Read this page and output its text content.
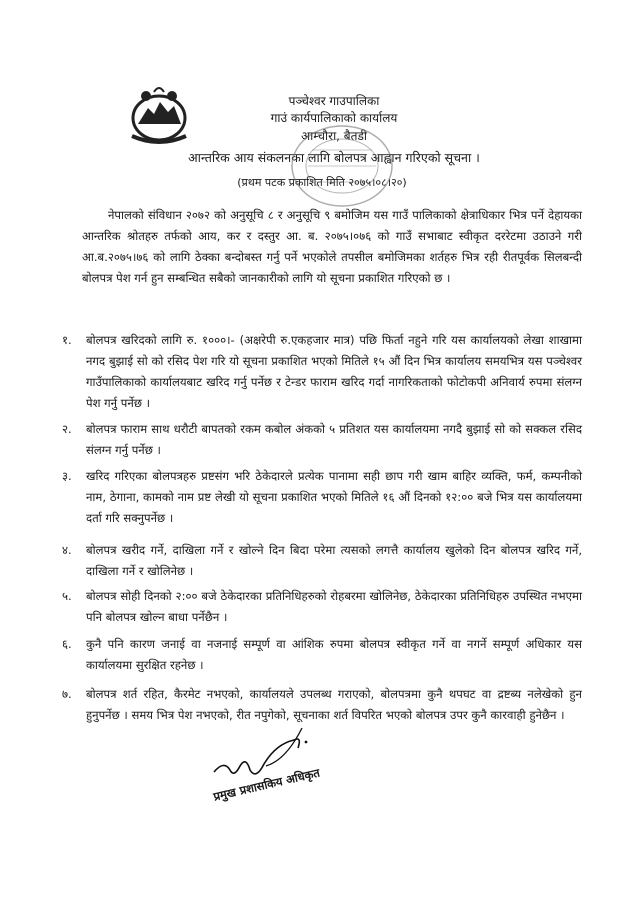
पञ्चेश्वर गाउपालिका
गाउं कार्यपालिकाको कार्यालय
आम्चौरा, बैतडी
आन्तरिक आय संकलनका लागि बोलपत्र आह्वान गरिएको सूचना ।
(प्रथम पटक प्रकाशित मिति २०७५।०८।२०)

नेपालको संविधान २०७२ को अनुसूचि ८ र अनुसूचि ९ बमोजिम यस गाउँ पालिकाको क्षेत्राधिकार भित्र पर्ने देहायका आन्तरिक श्रोतहरु तर्फको आय, कर र दस्तुर आ. ब. २०७५।०७६ को गाउँ सभाबाट स्वीकृत दररेटमा उठाउने गरी आ.ब.२०७५।७६ को लागि ठेक्का बन्दोबस्त गर्नु पर्ने भएकोले तपसील बमोजिमका शर्तहरु भित्र रही रीतपूर्वक सिलबन्दी बोलपत्र पेश गर्न हुन सम्बन्धित सबैको जानकारीको लागि यो सूचना प्रकाशित गरिएको छ ।

१.	बोलपत्र खरिदको लागि रु. १०००।- (अक्षरेपी रु.एकहजार मात्र) पछि फिर्ता नहुने गरि यस कार्यालयको लेखा शाखामा नगद बुझाई सो को रसिद पेश गरि यो सूचना प्रकाशित भएको मितिले १५ औं दिन भित्र कार्यालय समयभित्र यस पञ्चेश्वर गाउँपालिकाको कार्यालयबाट खरिद गर्नु पर्नेछ र टेन्डर फाराम खरिद गर्दा नागरिकताको फोटोकपी अनिवार्य रुपमा संलग्न पेश गर्नु पर्नेछ ।
२.	बोलपत्र फाराम साथ धरौटी बापतको रकम कबोल अंकको ५ प्रतिशत यस कार्यालयमा नगदै बुझाई सो को सक्कल रसिद संलग्न गर्नु पर्नेछ ।
३.	खरिद गरिएका बोलपत्रहरु प्रष्टसंग भरि ठेकेदारले प्रत्येक पानामा सही छाप गरी खाम बाहिर व्यक्ति, फर्म, कम्पनीको नाम, ठेगाना, कामको नाम प्रष्ट लेखी यो सूचना प्रकाशित भएको मितिले १६ औं दिनको १२:०० बजे भित्र यस कार्यालयमा दर्ता गरि सक्नुपर्नेछ ।
४.	बोलपत्र खरीद गर्ने, दाखिला गर्ने र खोल्ने दिन बिदा परेमा त्यसको लगत्तै कार्यालय खुलेको दिन बोलपत्र खरिद गर्ने, दाखिला गर्ने र खोलिनेछ ।
५.	बोलपत्र सोही दिनको २:०० बजे ठेकेदारका प्रतिनिधिहरुको रोहबरमा खोलिनेछ, ठेकेदारका प्रतिनिधिहरु उपस्थित नभएमा पनि बोलपत्र खोल्न बाधा पर्नेछैन ।
६.	कुनै पनि कारण जनाई वा नजनाई सम्पूर्ण वा आंशिक रुपमा बोलपत्र स्वीकृत गर्ने वा नगर्ने सम्पूर्ण अधिकार यस कार्यालयमा सुरक्षित रहनेछ ।
७.	बोलपत्र शर्त रहित, कैरमेट नभएको, कार्यालयले उपलब्ध गराएको, बोलपत्रमा कुनै थपघट वा द्रष्टब्य नलेखेको हुन हुनुपर्नेछ । समय भित्र पेश नभएको, रीत नपुगेको, सूचनाका शर्त विपरित भएको बोलपत्र उपर कुनै कारवाही हुनेछैन ।
प्रमुख प्रशासकिय अधिकृत
